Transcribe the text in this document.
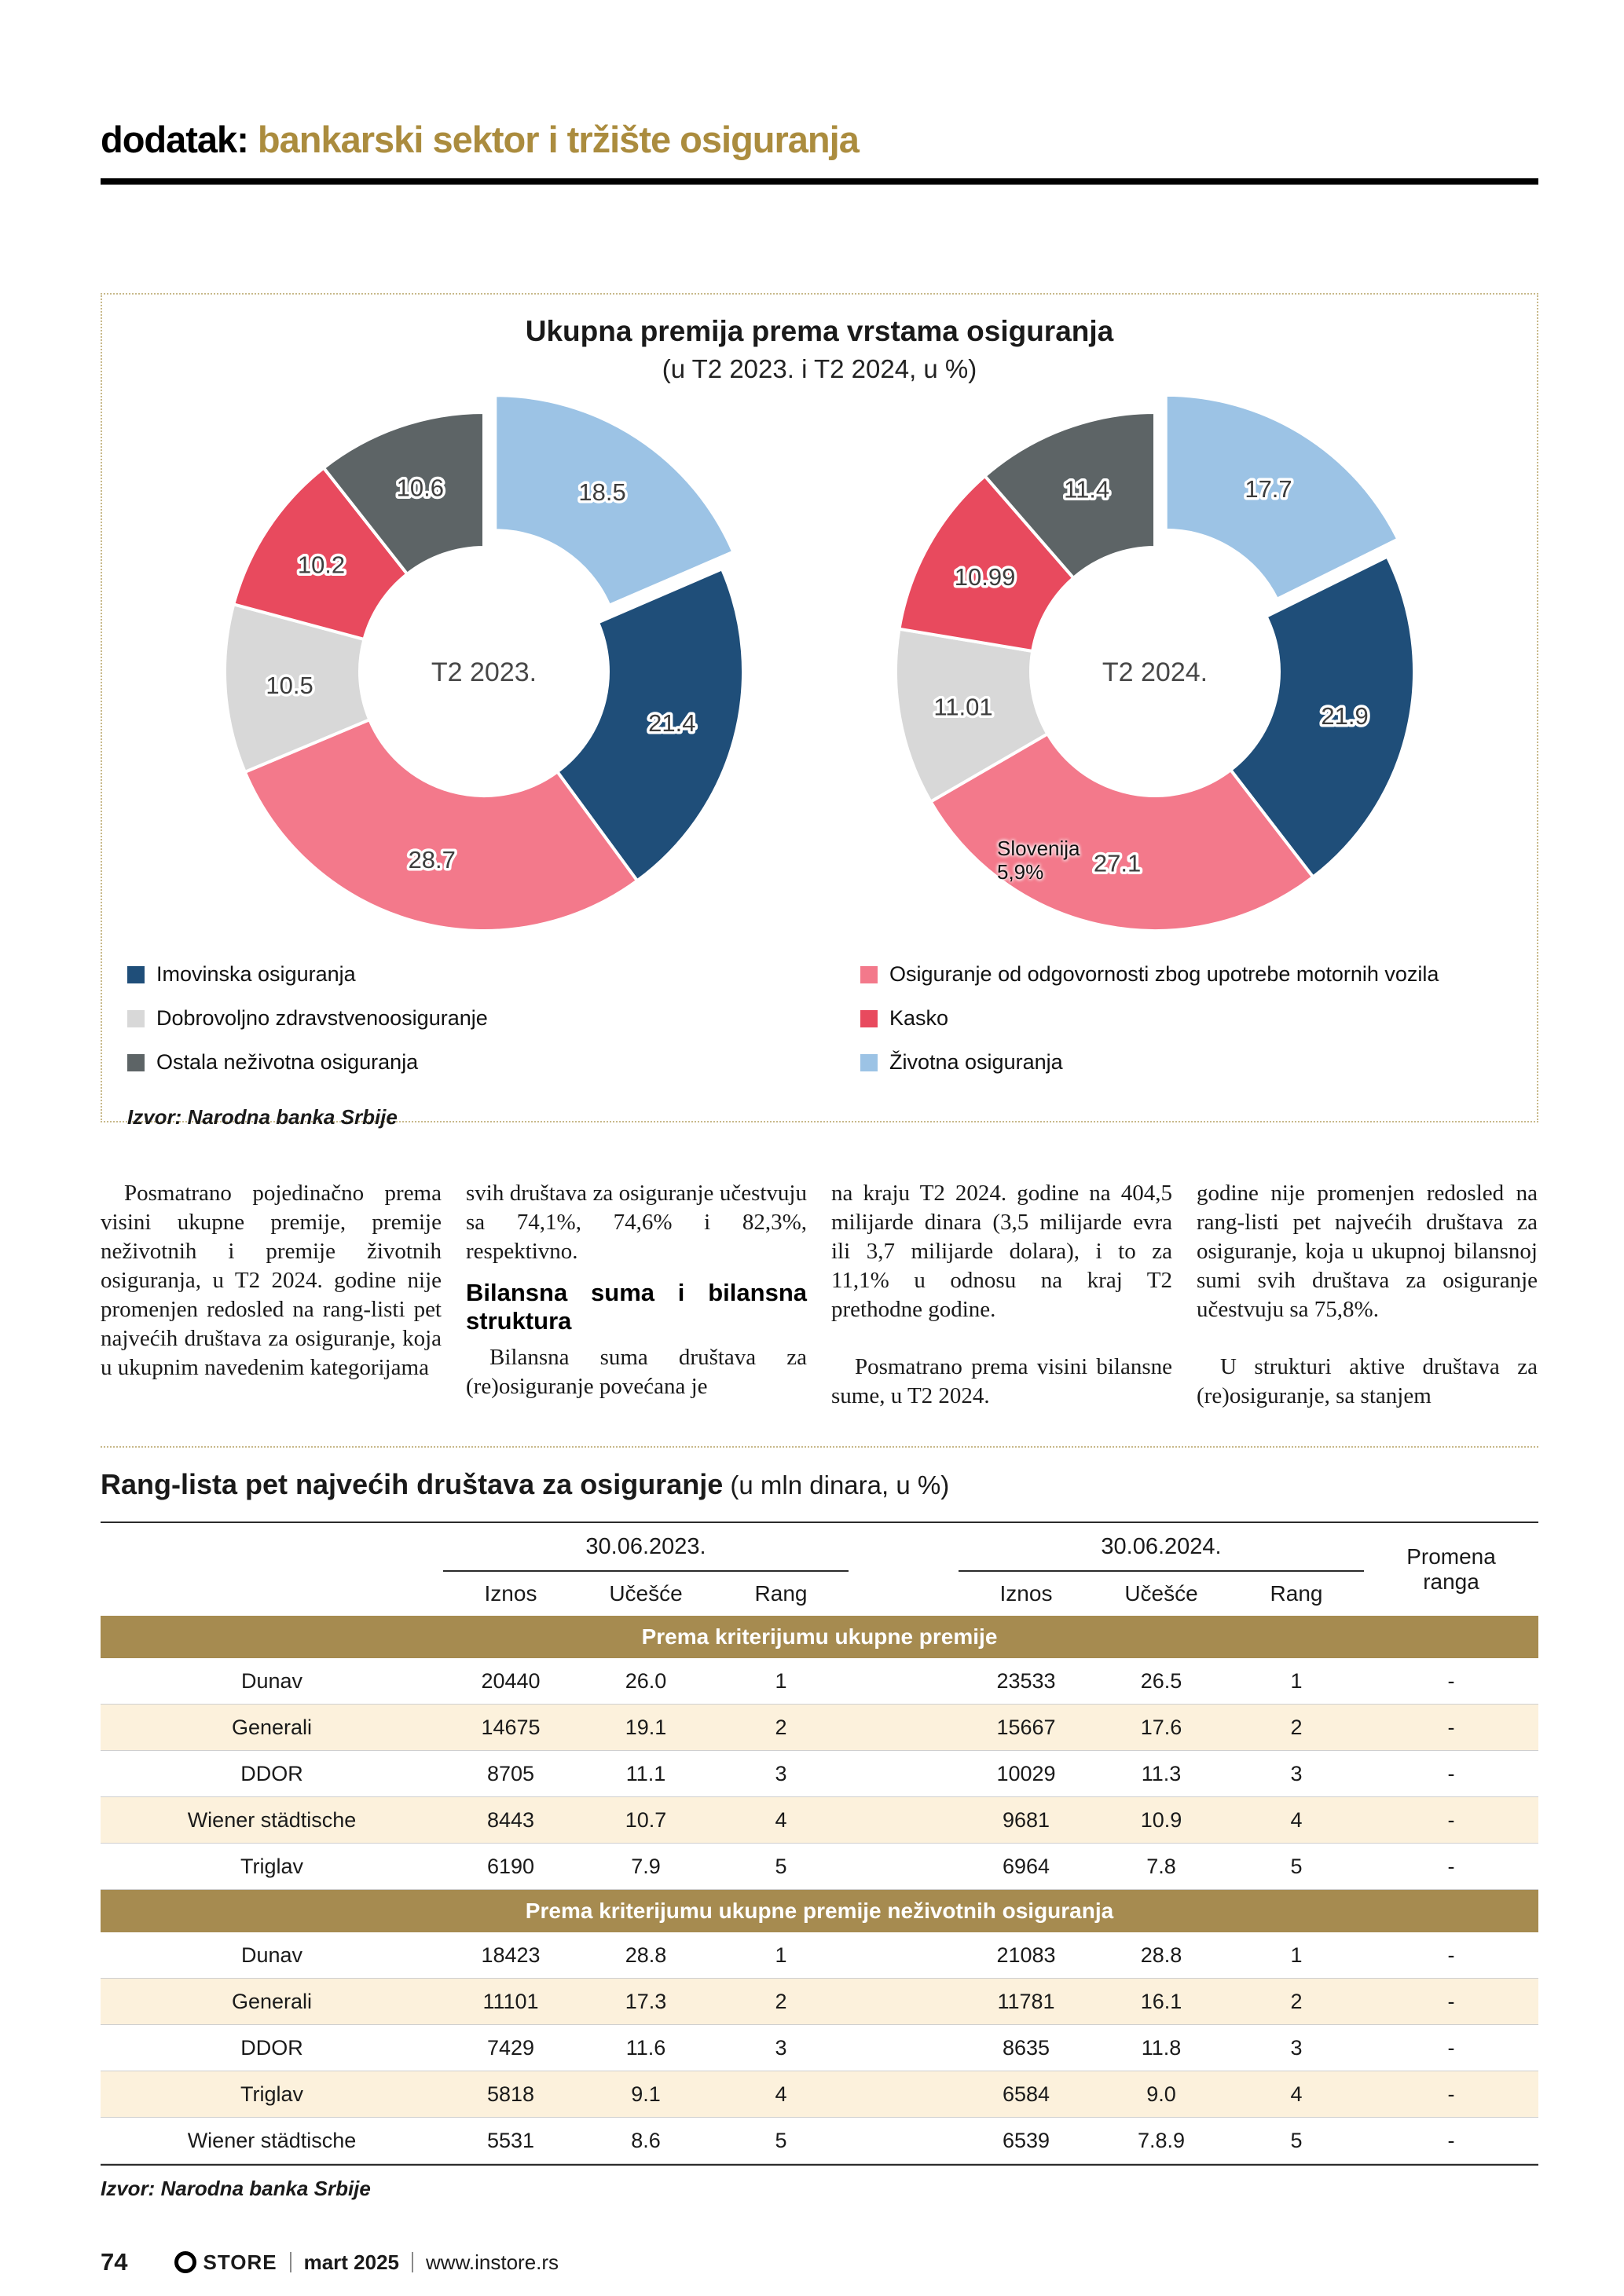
dodatak: bankarski sektor i tržište osiguranja
Ukupna premija prema vrstama osiguranja
(u T2 2023. i T2 2024, u %)
18.5
21.4
28.7
10.5
10.2
10.6
T2 2023.
17.7
21.9
27.1
11.01
10.99
11.4
T2 2024.
Slovenija
5,9%
Imovinska osiguranja
Dobrovoljno zdravstvenoosiguranje
Ostala neživotna osiguranja
Osiguranje od odgovornosti zbog upotrebe motornih vozila
Kasko
Životna osiguranja
Izvor: Narodna banka Srbije

Posmatrano pojedinačno prema visini ukupne premije, premije neživotnih i premije životnih osiguranja, u T2 2024. godine nije promenjen redosled na rang-listi pet najvećih društava za osiguranje, koja u ukupnim navedenim kategorijama

svih društava za osiguranje učestvuju sa 74,1%, 74,6% i 82,3%, respektivno.

Bilansna suma i bilansna struktura

Bilansna suma društava za (re)osiguranje povećana je

na kraju T2 2024. godine na 404,5 milijarde dinara (3,5 milijarde evra ili 3,7 milijarde dolara), i to za 11,1% u odnosu na kraj T2 prethodne godine.

Posmatrano prema visini bilansne sume, u T2 2024.

godine nije promenjen redosled na rang-listi pet najvećih društava za osiguranje, koja u ukupnoj bilansnoj sumi svih društava za osiguranje učestvuju sa 75,8%.

U strukturi aktive društava za (re)osiguranje, sa stanjem

Rang-lista pet najvećih društava za osiguranje (u mln dinara, u %)
30.06.2023.	30.06.2024.	Promena ranga
Iznos	Učešće	Rang	Iznos	Učešće	Rang
Prema kriterijumu ukupne premije
Dunav	20440	26.0	1	23533	26.5	1	-
Generali	14675	19.1	2	15667	17.6	2	-
DDOR	8705	11.1	3	10029	11.3	3	-
Wiener städtische	8443	10.7	4	9681	10.9	4	-
Triglav	6190	7.9	5	6964	7.8	5	-
Prema kriterijumu ukupne premije neživotnih osiguranja
Dunav	18423	28.8	1	21083	28.8	1	-
Generali	11101	17.3	2	11781	16.1	2	-
DDOR	7429	11.6	3	8635	11.8	3	-
Triglav	5818	9.1	4	6584	9.0	4	-
Wiener städtische	5531	8.6	5	6539	7.8.9	5	-
Izvor: Narodna banka Srbije
74	STORE mart 2025 www.instore.rs
